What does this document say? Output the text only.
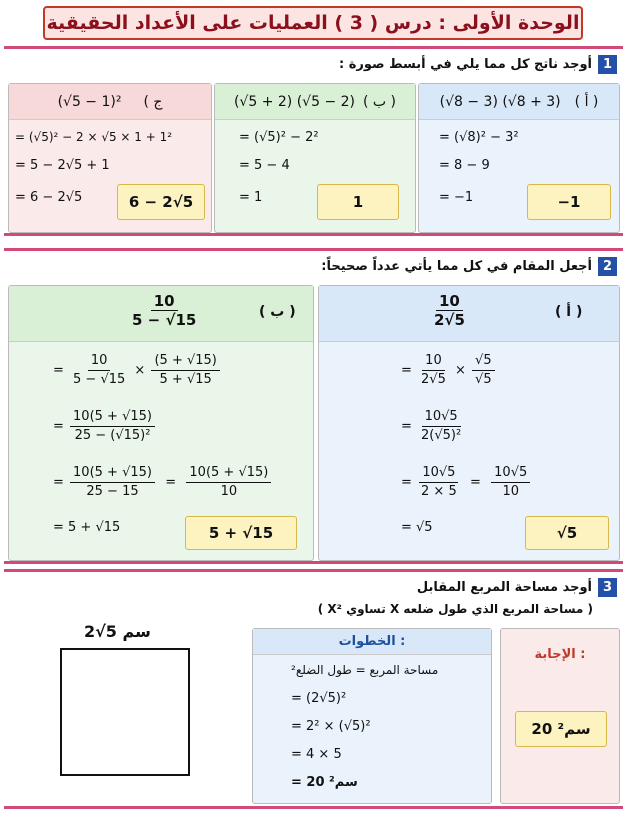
الوحدة الأولى : درس ( 3 ) العمليات على الأعداد الحقيقية
1
أوجد ناتج كل مما يلي في أبسط صورة :
(√8 − 3) (√8 + 3) ( أ )
= (√8)² − 3²
= 8 − 9
= −1	−1
(√5 + 2) (√5 − 2) ( ب )
= (√5)² − 2²
= 5 − 4
= 1	1
(√5 − 1)² ( ج
= (√5)² − 2 × √5 × 1 + 1²
= 5 − 2√5 + 1
= 6 − 2√5	6 − 2√5
2
أجعل المقام في كل مما يأتي عدداً صحيحاً:
$\frac{10}{2√5}$	( أ )
= $\frac{10}{2√5} \times \frac{√5}{√5}$
= $\frac{10√5}{\text{2(√5)²}}$
= $\frac{10√5}{2 \times 5} = \frac{10√5}{10}$
= √5	√5
$\frac{10}{5 - √15}$	( ب )
= $\frac{10}{5 - √15} \times \frac{(5 + √15)}{5 + √15}$
= $\frac{10(5 + √15)}{\text{25 − (√15)²}}$
= $\frac{10(5 + √15)}{25 - 15} = \frac{10(5 + √15)}{10}$
= 5 + √15	5 + √15
3
أوجد مساحة المربع المقابل
( مساحة المربع الذي طول ضلعه X تساوي X² )
2√5 سم
الخطوات :
مساحة المربع = طول الضلع²
= (2√5)²
= 2² × (√5)²
= 4 × 5
= 20 سم²
الإجابة :
20 سم²
